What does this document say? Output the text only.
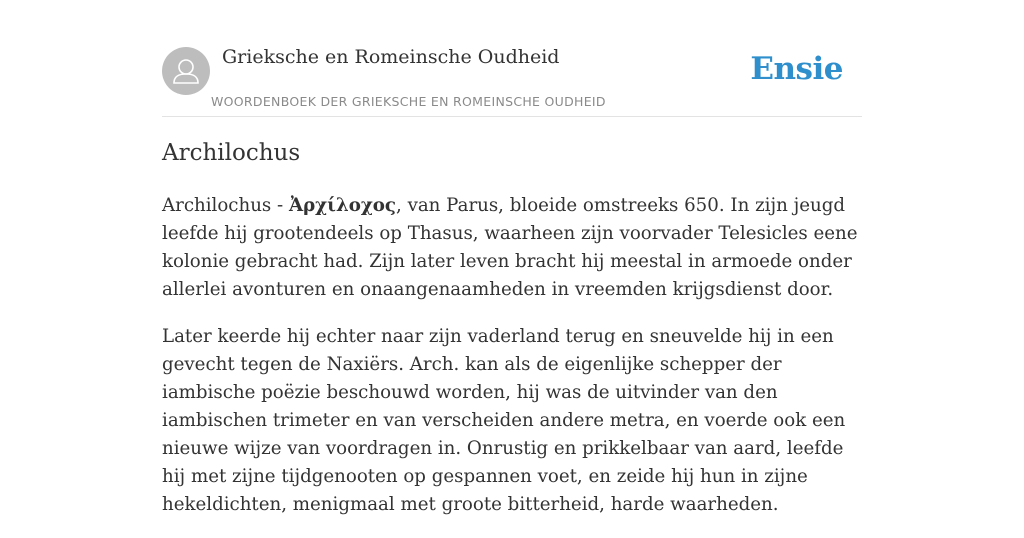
Grieksche en Romeinsche Oudheid
WOORDENBOEK DER GRIEKSCHE EN ROMEINSCHE OUDHEID
Ensie
Archilochus

Archilochus - Ἀρχίλοχος, van Parus, bloeide omstreeks 650. In zijn jeugd leefde hij grootendeels op Thasus, waarheen zijn voorvader Telesicles eene kolonie gebracht had. Zijn later leven bracht hij meestal in armoede onder allerlei avonturen en onaangenaamheden in vreemden krijgsdienst door.

Later keerde hij echter naar zijn vaderland terug en sneuvelde hij in een gevecht tegen de Naxiërs. Arch. kan als de eigenlijke schepper der iambische poëzie beschouwd worden, hij was de uitvinder van den iambischen trimeter en van verscheiden andere metra, en voerde ook een nieuwe wijze van voordragen in. Onrustig en prikkelbaar van aard, leefde hij met zijne tijdgenooten op gespannen voet, en zeide hij hun in zijne hekeldichten, menigmaal met groote bitterheid, harde waarheden.
